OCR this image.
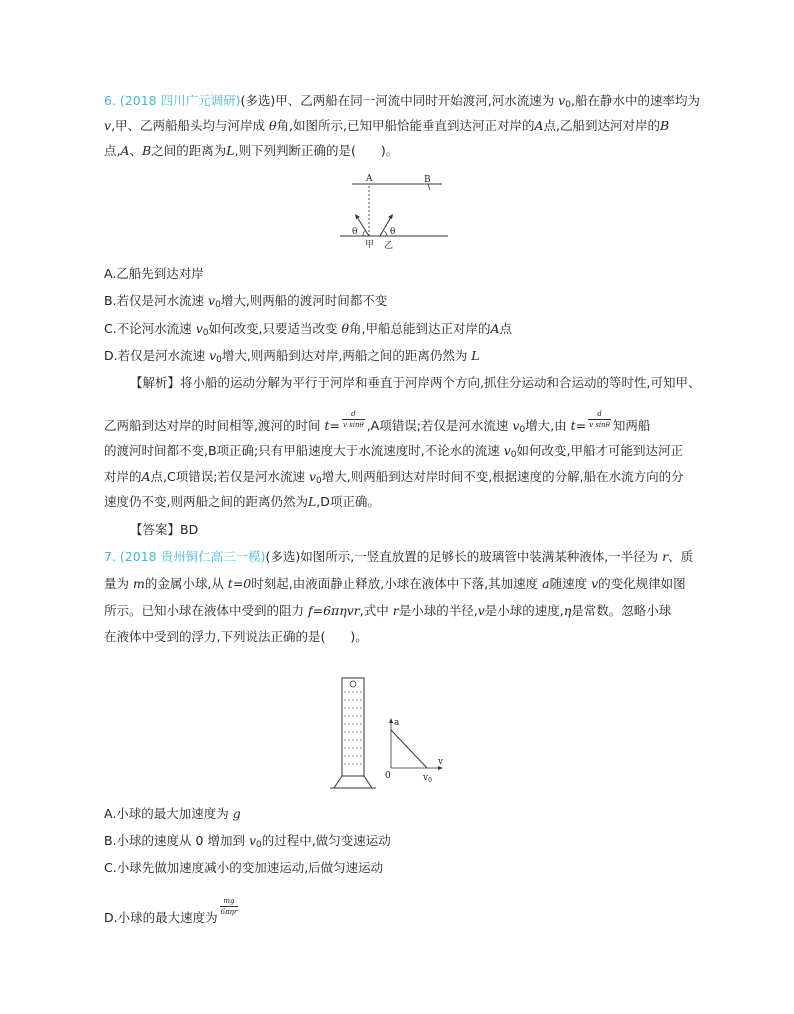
6. (2018 四川广元调研)(多选)甲、乙两船在同一河流中同时开始渡河,河水流速为 $v_0$,船在静水中的速率均为
v,甲、乙两船船头均与河岸成 θ角,如图所示,已知甲船恰能垂直到达河正对岸的A点,乙船到达河对岸的B
点,A、B之间的距离为L,则下列判断正确的是(　　)。
A	B
θ	θ
甲 乙
A.乙船先到达对岸
B.若仅是河水流速 $v_0$增大,则两船的渡河时间都不变
C.不论河水流速 $v_0$如何改变,只要适当改变 θ角,甲船总能到达正对岸的A点
D.若仅是河水流速 $v_0$增大,则两船到达对岸,两船之间的距离仍然为 L
【解析】将小船的运动分解为平行于河岸和垂直于河岸两个方向,抓住分运动和合运动的等时性,可知甲、
乙两船到达对岸的时间相等,渡河的时间 $t= \frac{d}{\text{v sinθ}} ,A$项错误;若仅是河水流速 $v_0$增大,由 $t= \frac{d}{\text{v sinθ}}$ 知两船
的渡河时间都不变,B项正确;只有甲船速度大于水流速度时,不论水的流速 $v_0$如何改变,甲船才可能到达河正
对岸的A点,C项错误;若仅是河水流速 $v_0$增大,则两船到达对岸时间不变,根据速度的分解,船在水流方向的分
速度仍不变,则两船之间的距离仍然为L,D项正确。
【答案】BD
7. (2018 贵州铜仁高三一模)(多选)如图所示,一竖直放置的足够长的玻璃管中装满某种液体,一半径为 r、质
量为 m的金属小球,从 t=0时刻起,由液面静止释放,小球在液体中下落,其加速度 a随速度 v的变化规律如图
所示。已知小球在液体中受到的阻力 f=6πηvr,式中 r是小球的半径,v是小球的速度,η是常数。忽略小球
在液体中受到的浮力,下列说法正确的是(　　)。
a
v
0	$v_0$
A.小球的最大加速度为 g
B.小球的速度从 0 增加到 $v_0$的过程中,做匀变速运动
C.小球先做加速度减小的变加速运动,后做匀速运动
D.小球的最大速度为
$\frac{mg}{\text{6πηr}}$
